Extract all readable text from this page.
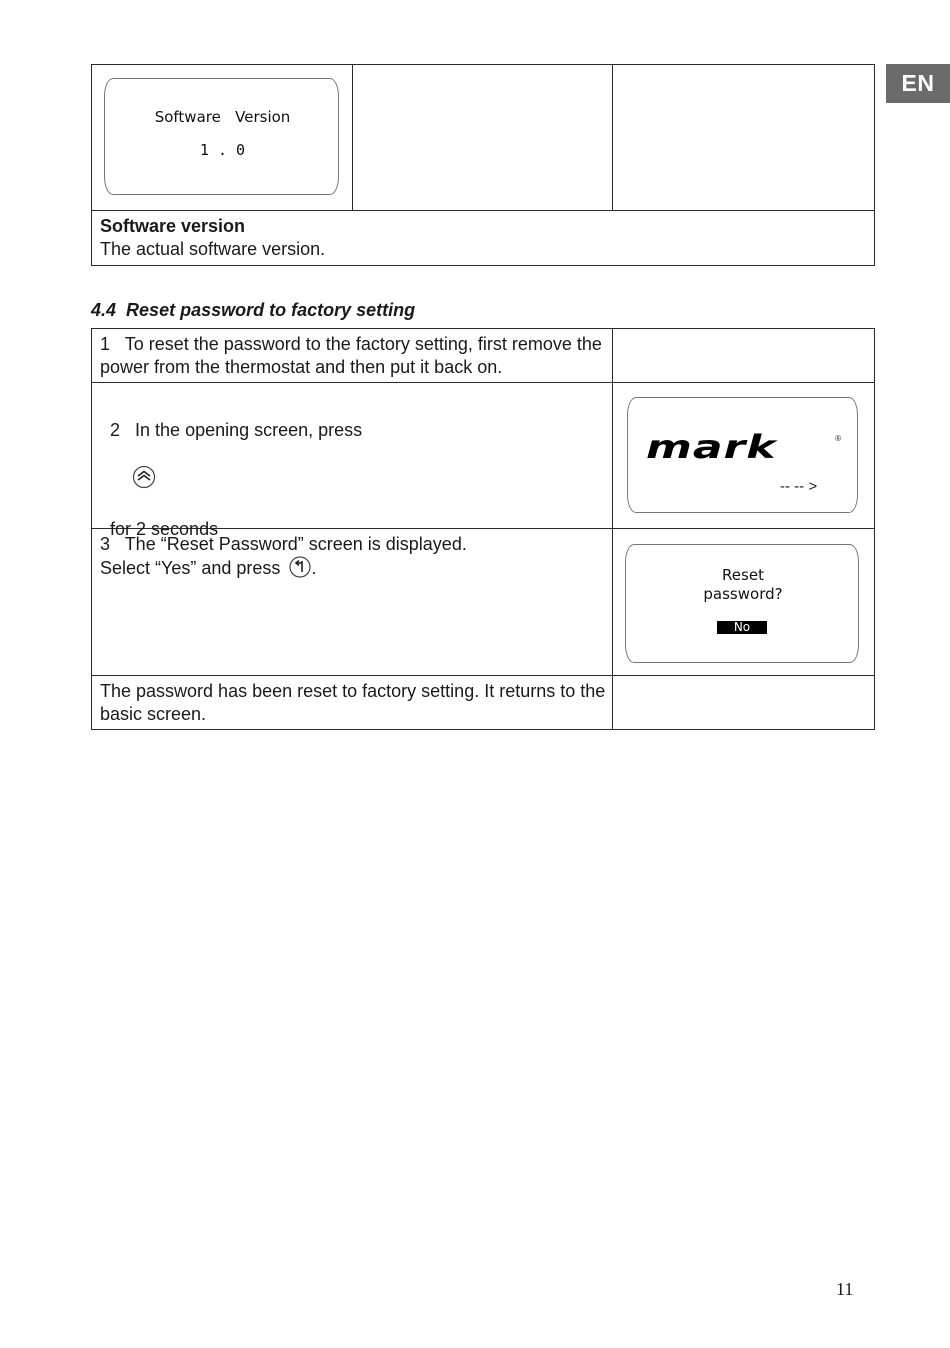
EN
Software   Version
1 . 0
Software version
The actual software version.
4.4 Reset password to factory setting
1   To reset the password to the factory setting, first remove the
power from the thermostat and then put it back on.

2   In the opening screen, press

for 2 seconds

mark	®
-- -- >
3   The “Reset Password” screen is displayed.
Select “Yes” and press .	Reset
password?
No
The password has been reset to factory setting. It returns to the
basic screen.
11
